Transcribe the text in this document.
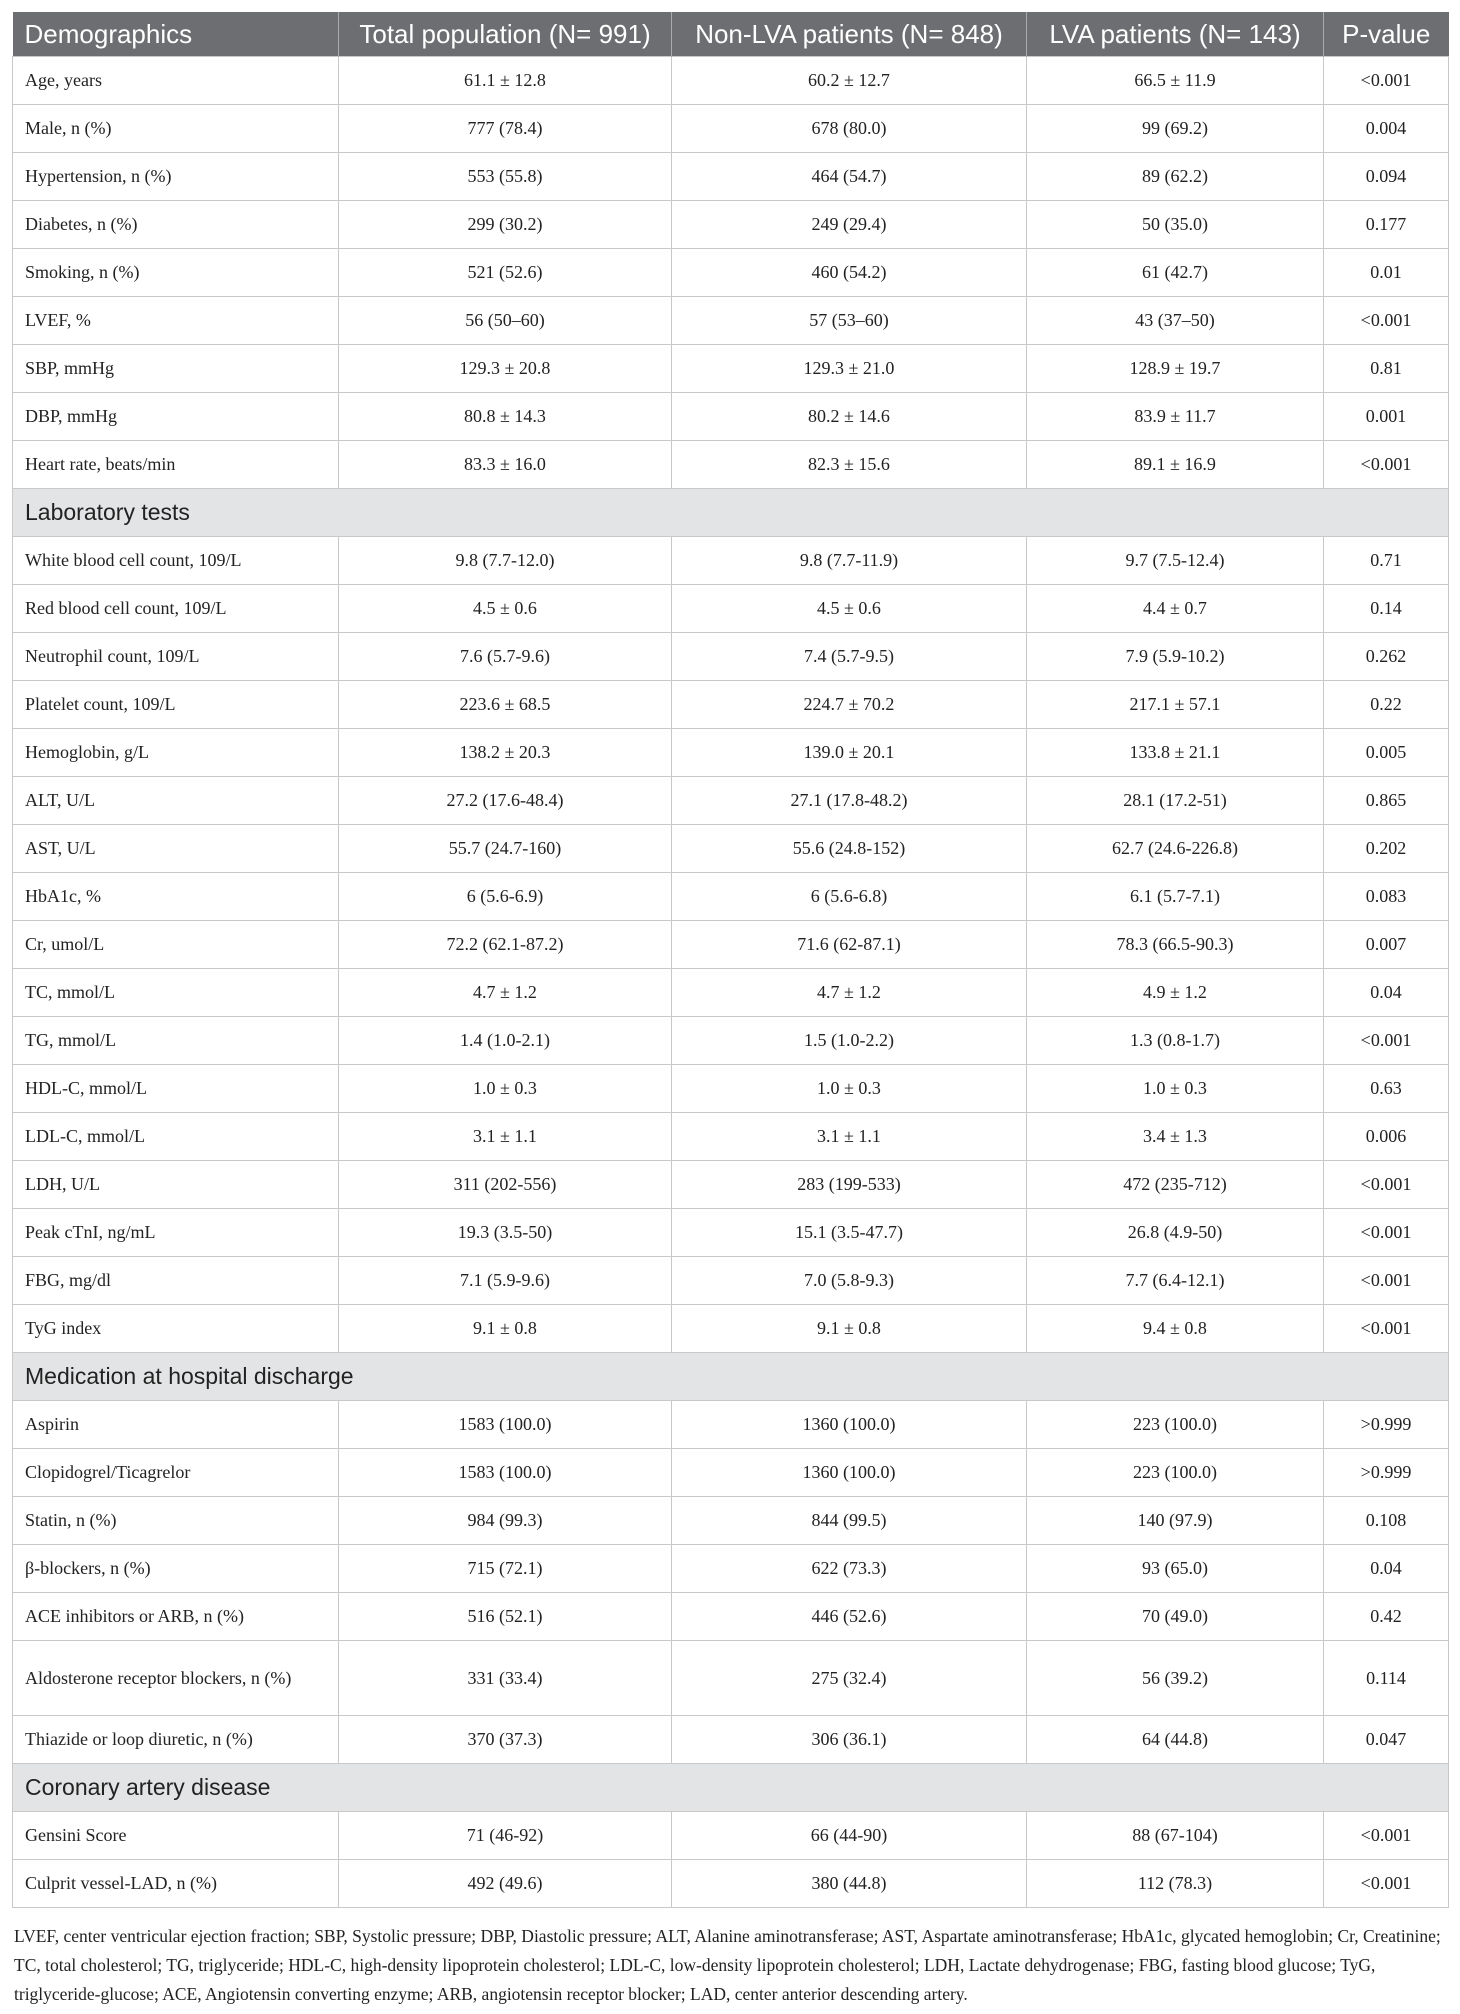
Demographics	Total population (N= 991)	Non-LVA patients (N= 848)	LVA patients (N= 143)	P-value
Age, years	61.1 ± 12.8	60.2 ± 12.7	66.5 ± 11.9	<0.001
Male, n (%)	777 (78.4)	678 (80.0)	99 (69.2)	0.004
Hypertension, n (%)	553 (55.8)	464 (54.7)	89 (62.2)	0.094
Diabetes, n (%)	299 (30.2)	249 (29.4)	50 (35.0)	0.177
Smoking, n (%)	521 (52.6)	460 (54.2)	61 (42.7)	0.01
LVEF, %	56 (50–60)	57 (53–60)	43 (37–50)	<0.001
SBP, mmHg	129.3 ± 20.8	129.3 ± 21.0	128.9 ± 19.7	0.81
DBP, mmHg	80.8 ± 14.3	80.2 ± 14.6	83.9 ± 11.7	0.001
Heart rate, beats/min	83.3 ± 16.0	82.3 ± 15.6	89.1 ± 16.9	<0.001
Laboratory tests				
White blood cell count, 109/L	9.8 (7.7-12.0)	9.8 (7.7-11.9)	9.7 (7.5-12.4)	0.71
Red blood cell count, 109/L	4.5 ± 0.6	4.5 ± 0.6	4.4 ± 0.7	0.14
Neutrophil count, 109/L	7.6 (5.7-9.6)	7.4 (5.7-9.5)	7.9 (5.9-10.2)	0.262
Platelet count, 109/L	223.6 ± 68.5	224.7 ± 70.2	217.1 ± 57.1	0.22
Hemoglobin, g/L	138.2 ± 20.3	139.0 ± 20.1	133.8 ± 21.1	0.005
ALT, U/L	27.2 (17.6-48.4)	27.1 (17.8-48.2)	28.1 (17.2-51)	0.865
AST, U/L	55.7 (24.7-160)	55.6 (24.8-152)	62.7 (24.6-226.8)	0.202
HbA1c, %	6 (5.6-6.9)	6 (5.6-6.8)	6.1 (5.7-7.1)	0.083
Cr, umol/L	72.2 (62.1-87.2)	71.6 (62-87.1)	78.3 (66.5-90.3)	0.007
TC, mmol/L	4.7 ± 1.2	4.7 ± 1.2	4.9 ± 1.2	0.04
TG, mmol/L	1.4 (1.0-2.1)	1.5 (1.0-2.2)	1.3 (0.8-1.7)	<0.001
HDL-C, mmol/L	1.0 ± 0.3	1.0 ± 0.3	1.0 ± 0.3	0.63
LDL-C, mmol/L	3.1 ± 1.1	3.1 ± 1.1	3.4 ± 1.3	0.006
LDH, U/L	311 (202-556)	283 (199-533)	472 (235-712)	<0.001
Peak cTnI, ng/mL	19.3 (3.5-50)	15.1 (3.5-47.7)	26.8 (4.9-50)	<0.001
FBG, mg/dl	7.1 (5.9-9.6)	7.0 (5.8-9.3)	7.7 (6.4-12.1)	<0.001
TyG index	9.1 ± 0.8	9.1 ± 0.8	9.4 ± 0.8	<0.001
Medication at hospital discharge				
Aspirin	1583 (100.0)	1360 (100.0)	223 (100.0)	>0.999
Clopidogrel/Ticagrelor	1583 (100.0)	1360 (100.0)	223 (100.0)	>0.999
Statin, n (%)	984 (99.3)	844 (99.5)	140 (97.9)	0.108
β-blockers, n (%)	715 (72.1)	622 (73.3)	93 (65.0)	0.04
ACE inhibitors or ARB, n (%)	516 (52.1)	446 (52.6)	70 (49.0)	0.42
Aldosterone receptor blockers, n (%)	331 (33.4)	275 (32.4)	56 (39.2)	0.114
Thiazide or loop diuretic, n (%)	370 (37.3)	306 (36.1)	64 (44.8)	0.047
Coronary artery disease				
Gensini Score	71 (46-92)	66 (44-90)	88 (67-104)	<0.001
Culprit vessel-LAD, n (%)	492 (49.6)	380 (44.8)	112 (78.3)	<0.001
LVEF, center ventricular ejection fraction; SBP, Systolic pressure; DBP, Diastolic pressure; ALT, Alanine aminotransferase; AST, Aspartate aminotransferase; HbA1c, glycated hemoglobin; Cr, Creatinine; TC, total cholesterol; TG, triglyceride; HDL-C, high-density lipoprotein cholesterol; LDL-C, low-density lipoprotein cholesterol; LDH, Lactate dehydrogenase; FBG, fasting blood glucose; TyG, triglyceride-glucose; ACE, Angiotensin converting enzyme; ARB, angiotensin receptor blocker; LAD, center anterior descending artery.
